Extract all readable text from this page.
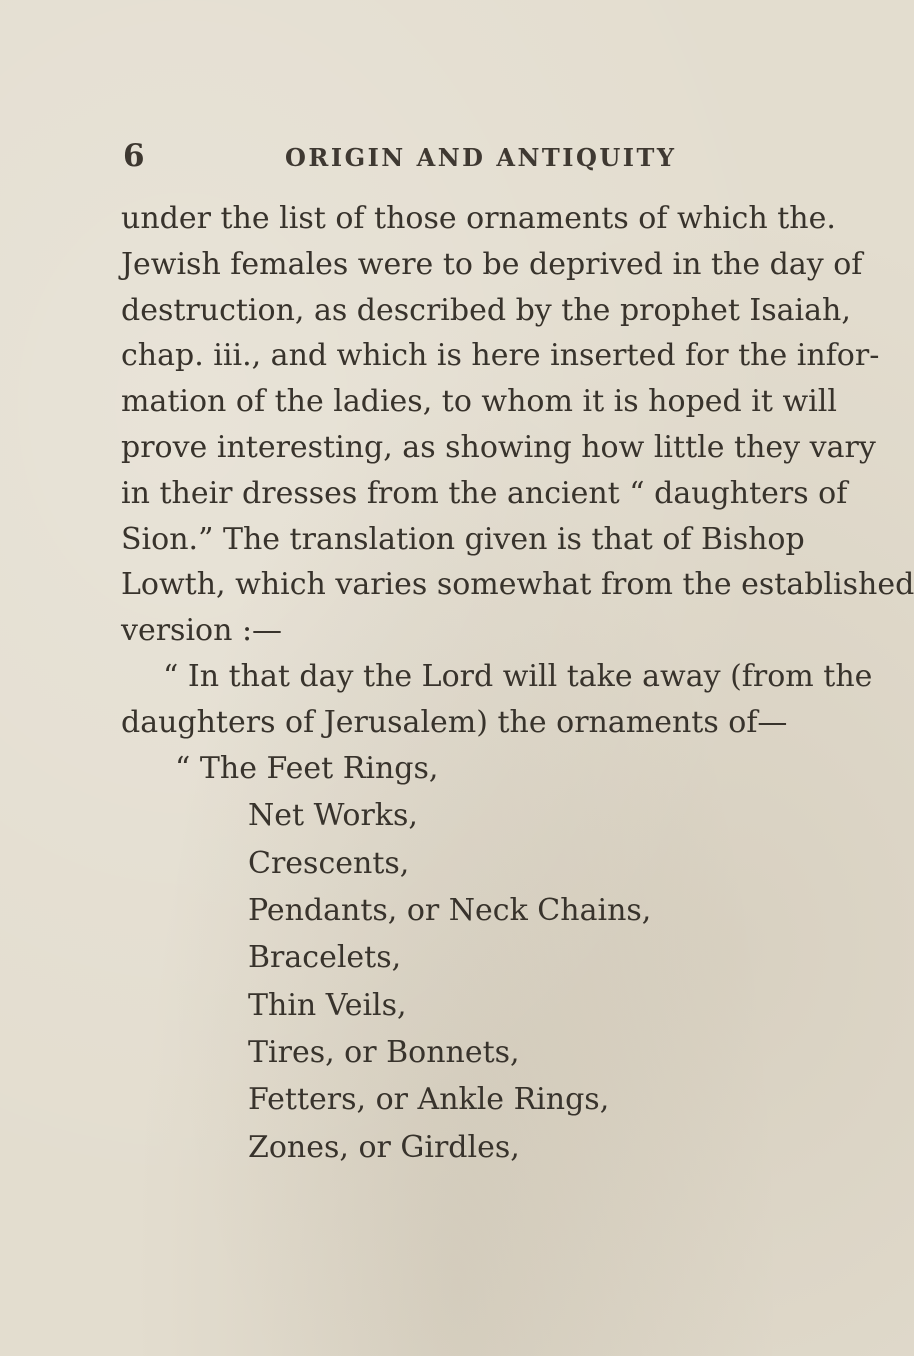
6	ORIGIN AND ANTIQUITY
under the list of those ornaments of which the.
Jewish females were to be deprived in the day of
destruction, as described by the prophet Isaiah,
chap. iii., and which is here inserted for the infor-
mation of the ladies, to whom it is hoped it will
prove interesting, as showing how little they vary
in their dresses from the ancient “ daughters of
Sion.” The translation given is that of Bishop
Lowth, which varies somewhat from the established
version :—
“ In that day the Lord will take away (from the
daughters of Jerusalem) the ornaments of—
“ The Feet Rings,
Net Works,
Crescents,
Pendants, or Neck Chains,
Bracelets,
Thin Veils,
Tires, or Bonnets,
Fetters, or Ankle Rings,
Zones, or Girdles,
